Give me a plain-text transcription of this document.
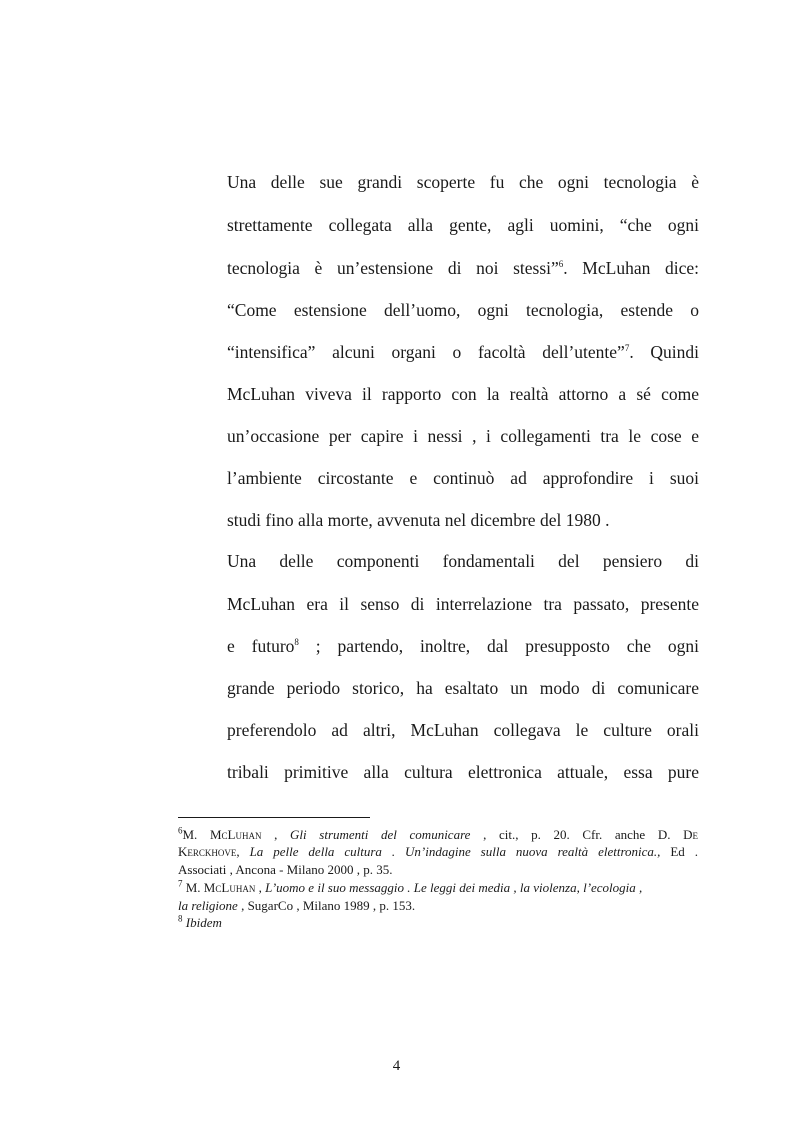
Una delle sue grandi scoperte fu che ogni tecnologia è
strettamente collegata alla gente, agli uomini, “che ogni
tecnologia è un’estensione di noi stessi”$^6$. McLuhan dice:
“Come estensione dell’uomo, ogni tecnologia, estende o
“intensifica” alcuni organi o facoltà dell’utente”$^7$. Quindi
McLuhan viveva il rapporto con la realtà attorno a sé come
un’occasione per capire i nessi , i collegamenti tra le cose e
l’ambiente circostante e continuò ad approfondire i suoi
studi fino alla morte, avvenuta nel dicembre del 1980 .
Una delle componenti fondamentali del pensiero di
McLuhan era il senso di interrelazione tra passato, presente
e futuro$^8$ ; partendo, inoltre, dal presupposto che ogni
grande periodo storico, ha esaltato un modo di comunicare
preferendolo ad altri, McLuhan collegava le culture orali
tribali primitive alla cultura elettronica attuale, essa pure
$^6$M. McLuhan , Gli strumenti del comunicare , cit., p. 20. Cfr. anche D. De
Kerckhove, La pelle della cultura . Un’indagine sulla nuova realtà elettronica., Ed .
Associati , Ancona - Milano 2000 , p. 35.
$^7$ M. McLuhan , L’uomo e il suo messaggio . Le leggi dei media , la violenza, l’ecologia ,
la religione , SugarCo , Milano 1989 , p. 153.
$^8$ Ibidem
4
